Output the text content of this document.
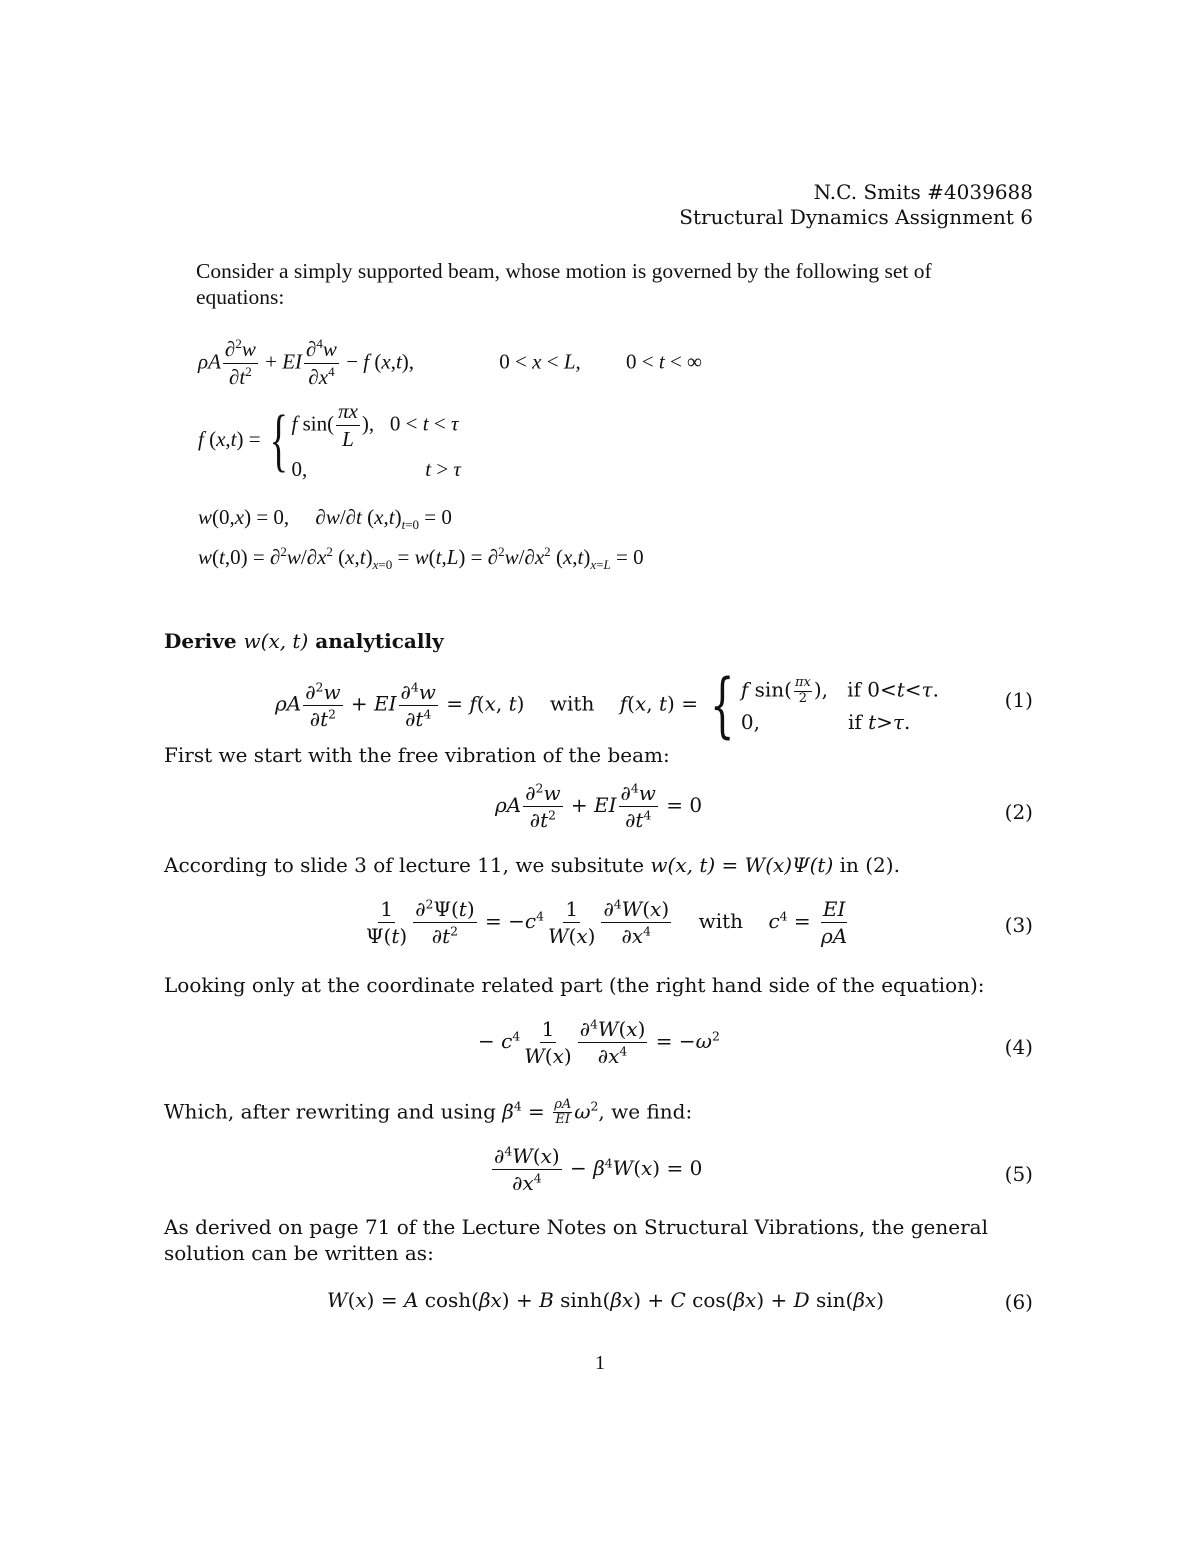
N.C. Smits #4039688
Structural Dynamics Assignment 6
Consider a simply supported beam, whose motion is governed by the following set of equations:
ρA $\frac{\partial^2w}{\partial t^2}$ + EI $\frac{\partial^4w}{\partial x^4} - f$ (x,t),	0 < x < L, 0 < t < ∞
f (x,t) = { f $\sin( \frac{\pi x}{L}$ ),   0 < t < τ
0,	t > τ
w(0,x) = 0,     ∂w/∂t $(x,t)_{t=0} = 0$
$w(t,0) = \partial^2w/\partial x^2$ $(x,t)_{x=0} = w(t,L) = \partial^2w/\partial x^2$ $(x,t)_{x=L} = 0$
Derive w(x, t) analytically
ρA $\frac{\partial^2w}{\partial t^2}$ + EI $\frac{\partial^4w}{\partial t^4} = f(x$, t)    with    f(x, t) = { f $\sin( \frac{\pi x}{2}$ ),   if 0<t<τ.
0,	if t>τ.
(1)
First we start with the free vibration of the beam:
ρA $\frac{\partial^2w}{\partial t^2}$ + EI $\frac{\partial^4w}{\partial t^4} = 0$	(2)
According to slide 3 of lecture 11, we subsitute w(x, t) = W(x)Ψ(t) in (2).
$\frac{1}{\Psi(t)} \frac{\partial^2\Psi(t)}{\partial t^2} = -c^4 \frac{1}{W(x)} \frac{\partial^4W(x)}{\partial x^4}$ with    $c^4 = \frac{EI}{\rho A}$	(3)
Looking only at the coordinate related part (the right hand side of the equation):
− $c^4 \frac{1}{W(x)} \frac{\partial^4W(x)}{\partial x^4} = -\omega^2$	(4)
Which, after rewriting and using $\beta^4 = \frac{\rho A}{EI} \omega^2$, we find:
$\frac{\partial^4W(x)}{\partial x^4} - \beta^4W(x) = 0$	(5)
As derived on page 71 of the Lecture Notes on Structural Vibrations, the general solution can be written as:
W(x) = A cosh(βx) + B sinh(βx) + C cos(βx) + D sin(βx)	(6)
1
